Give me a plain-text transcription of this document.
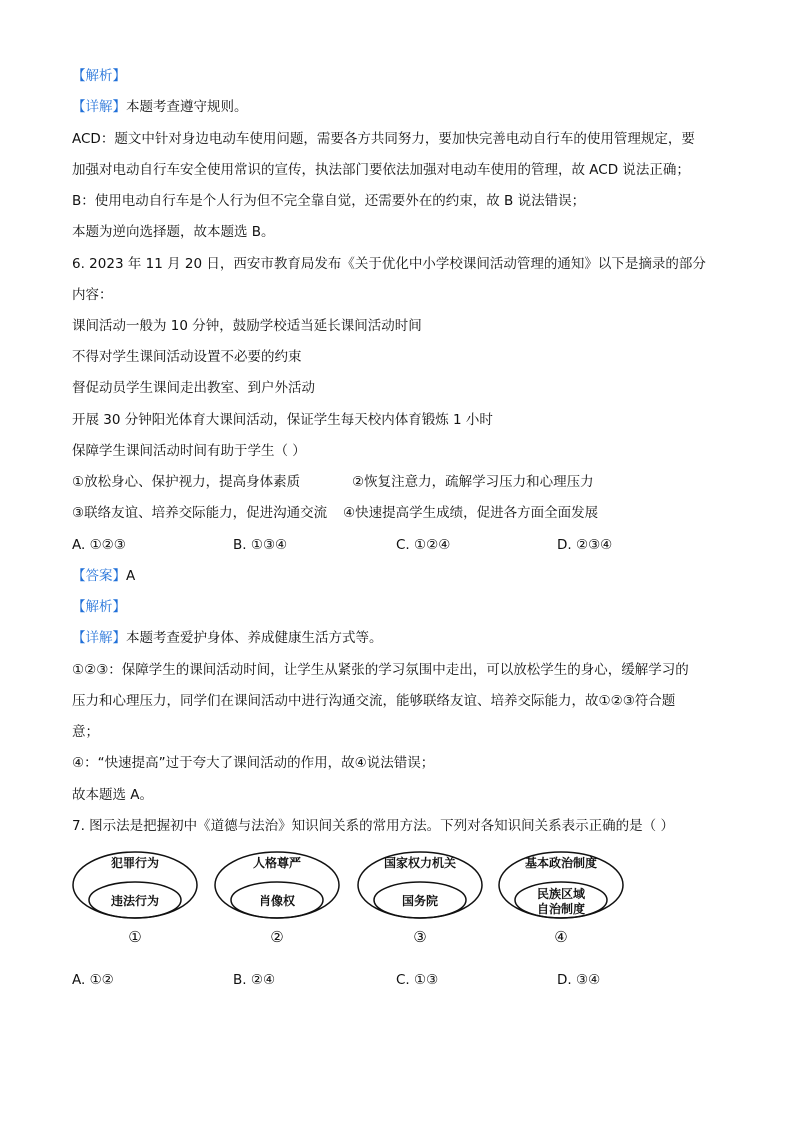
【解析】
【详解】本题考查遵守规则。
ACD：题文中针对身边电动车使用问题，需要各方共同努力，要加快完善电动自行车的使用管理规定，要
加强对电动自行车安全使用常识的宣传，执法部门要依法加强对电动车使用的管理，故 ACD 说法正确；
B：使用电动自行车是个人行为但不完全靠自觉，还需要外在的约束，故 B 说法错误；
本题为逆向选择题，故本题选 B。
6. 2023 年 11 月 20 日，西安市教育局发布《关于优化中小学校课间活动管理的通知》以下是摘录的部分
内容：
课间活动一般为 10 分钟，鼓励学校适当延长课间活动时间
不得对学生课间活动设置不必要的约束
督促动员学生课间走出教室、到户外活动
开展 30 分钟阳光体育大课间活动，保证学生每天校内体育锻炼 1 小时
保障学生课间活动时间有助于学生（ ）
①放松身心、保护视力，提高身体素质	②恢复注意力，疏解学习压力和心理压力
③联络友谊、培养交际能力，促进沟通交流 ④快速提高学生成绩，促进各方面全面发展
A. ①②③	B. ①③④	C. ①②④	D. ②③④
【答案】A
【解析】
【详解】本题考查爱护身体、养成健康生活方式等。
①②③：保障学生的课间活动时间，让学生从紧张的学习氛围中走出，可以放松学生的身心，缓解学习的
压力和心理压力，同学们在课间活动中进行沟通交流，能够联络友谊、培养交际能力，故①②③符合题
意；
④：“快速提高”过于夸大了课间活动的作用，故④说法错误；
故本题选 A。
7. 图示法是把握初中《道德与法治》知识间关系的常用方法。下列对各知识间关系表示正确的是（ ）
犯罪行为
违法行为
①
人格尊严
肖像权
②
国家权力机关
国务院
③
基本政治制度
民族区域
自治制度
④
A. ①②	B. ②④	C. ①③	D. ③④
